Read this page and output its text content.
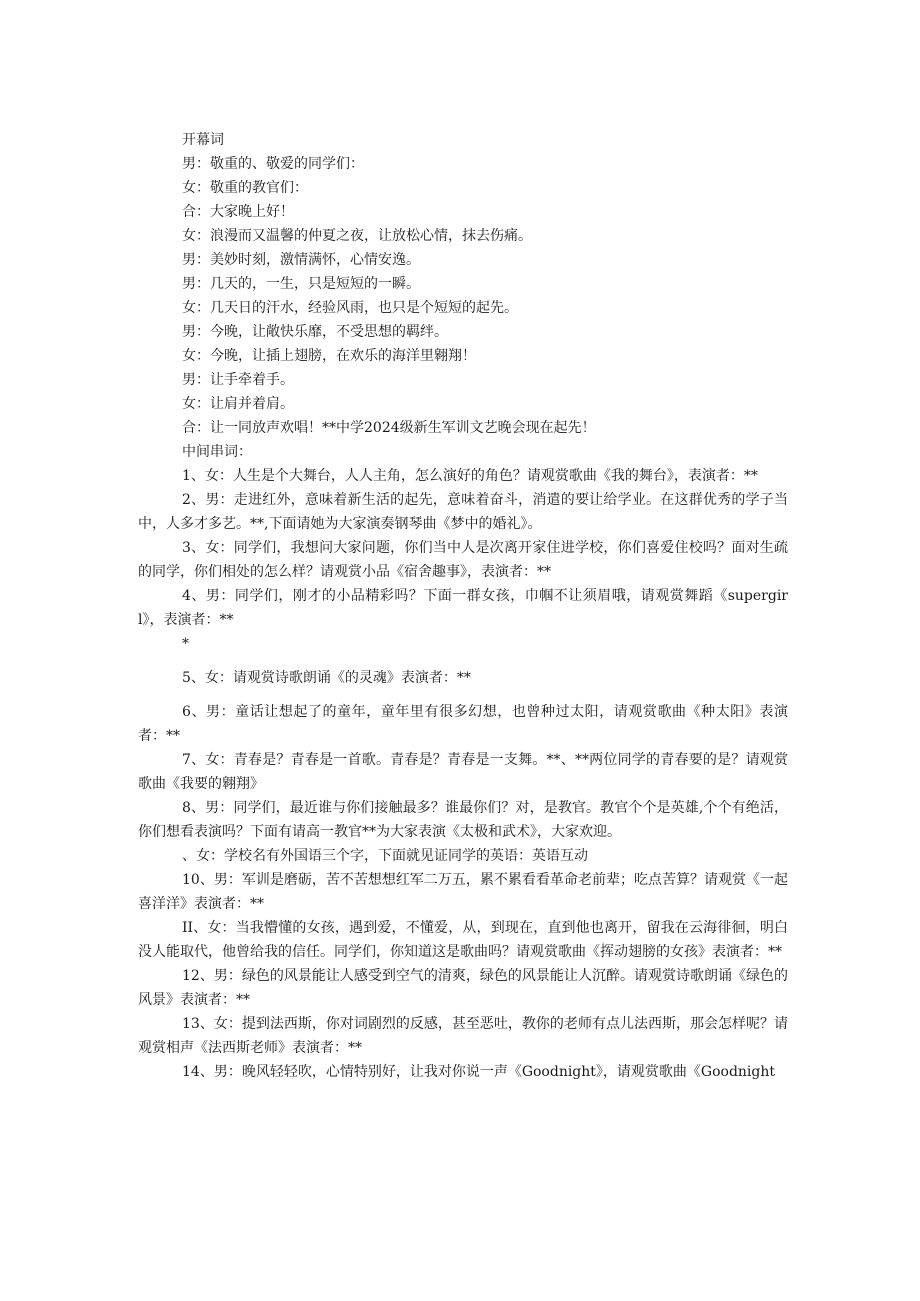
开幕词
男：敬重的、敬爱的同学们：
女：敬重的教官们：
合：大家晚上好！
女：浪漫而又温馨的仲夏之夜，让放松心情，抹去伤痛。
男：美妙时刻，激情满怀，心情安逸。
男：几天的，一生，只是短短的一瞬。
女：几天日的汗水，经验风雨，也只是个短短的起先。
男：今晚，让敞快乐靡，不受思想的羁绊。
女：今晚，让插上翅膀，在欢乐的海洋里翱翔！
男：让手牵着手。
女：让肩并着肩。
合：让一同放声欢唱！**中学2024级新生军训文艺晚会现在起先！
中间串词：
1、女：人生是个大舞台，人人主角，怎么演好的角色？请观赏歌曲《我的舞台》，表演者：**
2、男：走进红外，意味着新生活的起先，意味着奋斗，消遣的要让给学业。在这群优秀的学子当中，人多才多艺。**,下面请她为大家演奏钢琴曲《梦中的婚礼》。
3、女：同学们，我想问大家问题，你们当中人是次离开家住进学校，你们喜爱住校吗？面对生疏的同学，你们相处的怎么样？请观赏小品《宿舍趣事》，表演者：**
4、男：同学们，刚才的小品精彩吗？下面一群女孩，巾帼不让须眉哦，请观赏舞蹈《supergirl》，表演者：**
*
5、女：请观赏诗歌朗诵《的灵魂》表演者：**
6、男：童话让想起了的童年，童年里有很多幻想，也曾种过太阳，请观赏歌曲《种太阳》表演者：**
7、女：青春是？青春是一首歌。青春是？青春是一支舞。**、**两位同学的青春要的是？请观赏歌曲《我要的翱翔》
8、男：同学们，最近谁与你们接触最多？谁最你们？对，是教官。教官个个是英雄,个个有绝活，你们想看表演吗？下面有请高一教官**为大家表演《太极和武术》，大家欢迎。
、女：学校名有外国语三个字，下面就见证同学的英语：英语互动
10、男：军训是磨砺，苦不苦想想红军二万五，累不累看看革命老前辈；吃点苦算？请观赏《一起喜洋洋》表演者：**
II、女：当我懵懂的女孩，遇到爱，不懂爱，从，到现在，直到他也离开，留我在云海徘徊，明白没人能取代，他曾给我的信任。同学们，你知道这是歌曲吗？请观赏歌曲《挥动翅膀的女孩》表演者：**
12、男：绿色的风景能让人感受到空气的清爽，绿色的风景能让人沉醉。请观赏诗歌朗诵《绿色的风景》表演者：**
13、女：提到法西斯，你对词剧烈的反感，甚至恶吐，教你的老师有点儿法西斯，那会怎样呢？请观赏相声《法西斯老师》表演者：**
14、男：晚风轻轻吹，心情特别好，让我对你说一声《Goodnight》，请观赏歌曲《Goodnight
